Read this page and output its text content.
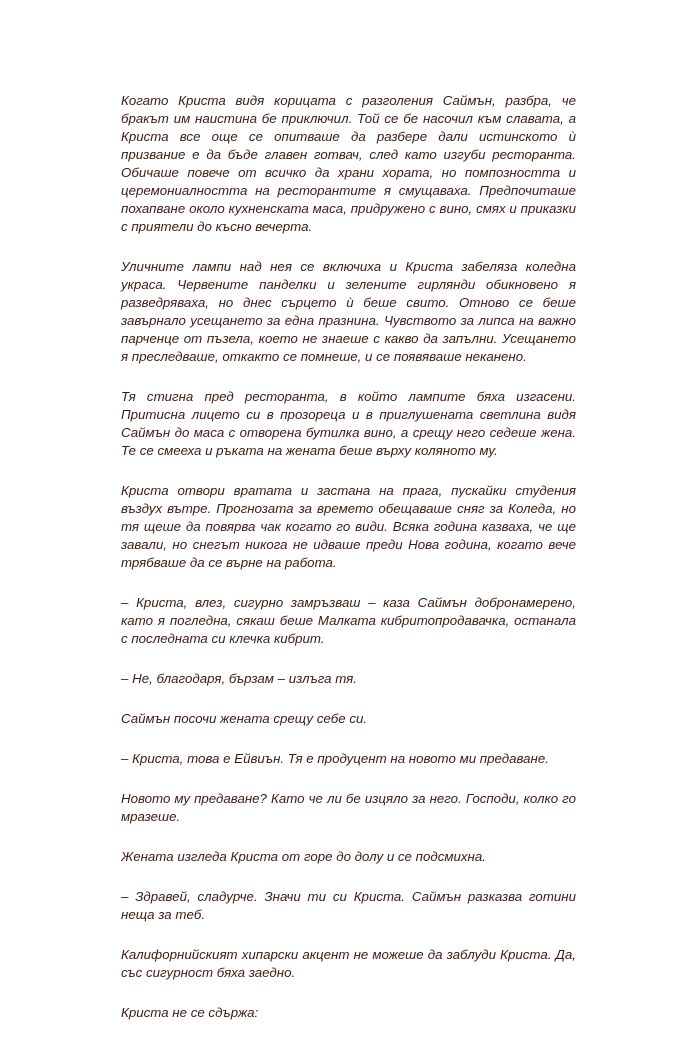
Когато Криста видя корицата с разголения Саймън, разбра, че бракът им наистина бе приключил. Той се бе насочил към славата, а Криста все още се опитваше да разбере дали истинското ѝ призвание е да бъде главен готвач, след като изгуби ресторанта. Обичаше повече от всичко да храни хората, но помпозността и церемониалността на ресторантите я смущаваха. Предпочиташе похапване около кухненската маса, придружено с вино, смях и приказки с приятели до късно вечерта.

Уличните лампи над нея се включиха и Криста забеляза коледна украса. Червените панделки и зелените гирлянди обикновено я разведряваха, но днес сърцето ѝ беше свито. Отново се беше завърнало усещането за една празнина. Чувството за липса на важно парченце от пъзела, което не знаеше с какво да запълни. Усещането я преследваше, откакто се помнеше, и се появяваше неканено.

Тя стигна пред ресторанта, в който лампите бяха изгасени. Притисна лицето си в прозореца и в приглушената светлина видя Саймън до маса с отворена бутилка вино, а срещу него седеше жена. Те се смееха и ръката на жената беше върху коляното му.

Криста отвори вратата и застана на прага, пускайки студения въздух вътре. Прогнозата за времето обещаваше сняг за Коледа, но тя щеше да повярва чак когато го види. Всяка година казваха, че ще завали, но снегът никога не идваше преди Нова година, когато вече трябваше да се върне на работа.

– Криста, влез, сигурно замръзваш – каза Саймън добронамерено, като я погледна, сякаш беше Малката кибритопродавачка, останала с последната си клечка кибрит.

– Не, благодаря, бързам – излъга тя.

Саймън посочи жената срещу себе си.

– Криста, това е Ейвиън. Тя е продуцент на новото ми предаване.

Новото му предаване? Като че ли бе изцяло за него. Господи, колко го мразеше.

Жената изгледа Криста от горе до долу и се подсмихна.

– Здравей, сладурче. Значи ти си Криста. Саймън разказва готини неща за теб.

Калифорнийският хипарски акцент не можеше да заблуди Криста. Да, със сигурност бяха заедно.

Криста не се сдържа:
